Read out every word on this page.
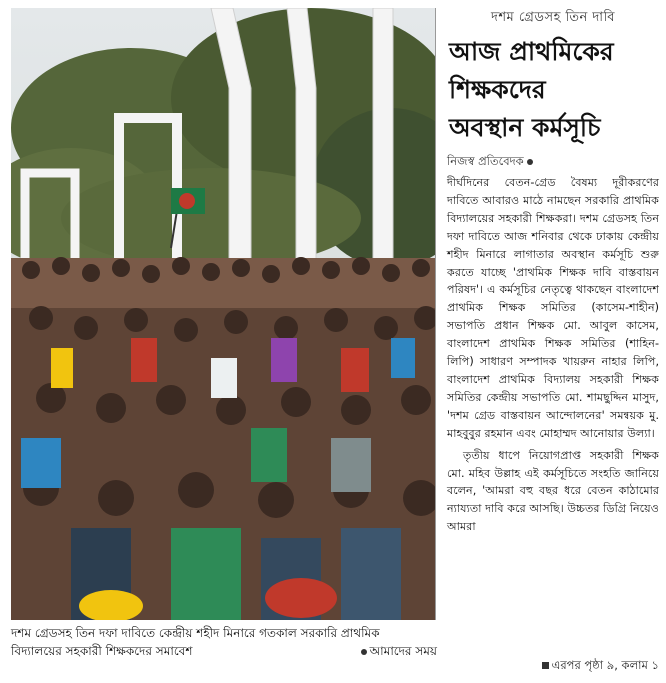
দশম গ্রেডসহ তিন দফা দাবিতে কেন্দ্রীয় শহীদ মিনারে গতকাল সরকারি প্রাথমিক
বিদ্যালয়ের সহকারী শিক্ষকদের সমাবেশ	আমাদের সময়
দশম গ্রেডসহ তিন দাবি
আজ প্রাথমিকের
শিক্ষকদের
অবস্থান কর্মসূচি
নিজস্ব প্রতিবেদক

দীর্ঘদিনের বেতন-গ্রেড বৈষম্য দূরীকরণের দাবিতে আবারও মাঠে নামছেন সরকারি প্রাথমিক বিদ্যালয়ের সহকারী শিক্ষকরা। দশম গ্রেডসহ তিন দফা দাবিতে আজ শনিবার থেকে ঢাকায় কেন্দ্রীয় শহীদ মিনারে লাগাতার অবস্থান কর্মসূচি শুরু করতে যাচ্ছে 'প্রাথমিক শিক্ষক দাবি বাস্তবায়ন পরিষদ'। এ কর্মসূচির নেতৃত্বে থাকছেন বাংলাদেশ প্রাথমিক শিক্ষক সমিতির (কাসেম-শাহীন) সভাপতি প্রধান শিক্ষক মো. আবুল কাসেম, বাংলাদেশ প্রাথমিক শিক্ষক সমিতির (শাহিন-লিপি) সাধারণ সম্পাদক খায়রুন নাহার লিপি, বাংলাদেশ প্রাথমিক বিদ্যালয় সহকারী শিক্ষক সমিতির কেন্দ্রীয় সভাপতি মো. শামছুদ্দিন মাসুদ, 'দশম গ্রেড বাস্তবায়ন আন্দোলনের' সমন্বয়ক মু. মাহবুবুর রহমান এবং মোহাম্মদ আনোয়ার উল্যা।

তৃতীয় ধাপে নিয়োগপ্রাপ্ত সহকারী শিক্ষক মো. মহিব উল্লাহ এই কর্মসূচিতে সংহতি জানিয়ে বলেন, 'আমরা বহু বছর ধরে বেতন কাঠামোর ন্যায্যতা দাবি করে আসছি। উচ্চতর ডিগ্রি নিয়েও আমরা

এরপর পৃষ্ঠা ৯, কলাম ১
